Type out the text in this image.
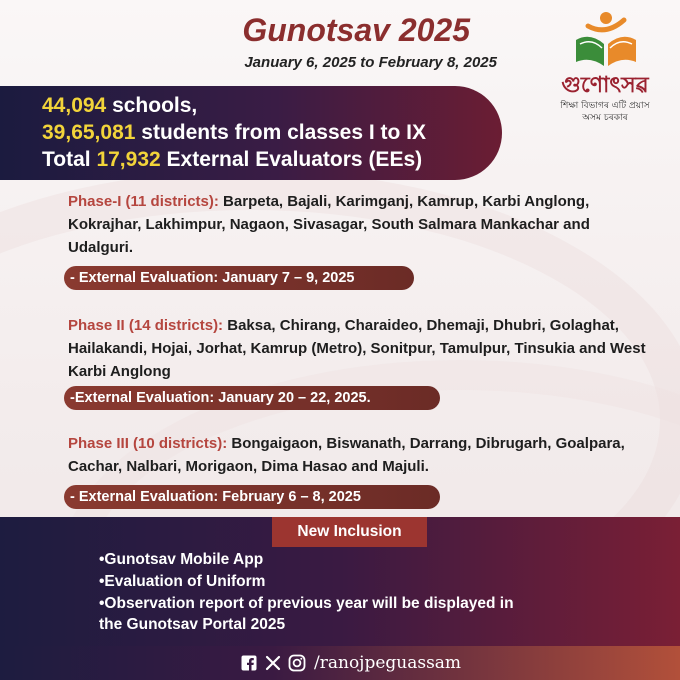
Gunotsav 2025
January 6, 2025 to February 8, 2025
গুণোৎসৱ
শিক্ষা বিভাগৰ এটি প্ৰয়াস
অসম চৰকাৰ
44,094 schools,
39,65,081 students from classes I to IX
Total 17,932 External Evaluators (EEs)
Phase-I (11 districts): Barpeta, Bajali, Karimganj, Kamrup, Karbi Anglong, Kokrajhar, Lakhimpur, Nagaon, Sivasagar, South Salmara Mankachar and Udalguri.
- External Evaluation: January 7 – 9, 2025
Phase II (14 districts): Baksa, Chirang, Charaideo, Dhemaji, Dhubri, Golaghat, Hailakandi, Hojai, Jorhat, Kamrup (Metro), Sonitpur, Tamulpur, Tinsukia and West Karbi Anglong
-External Evaluation: January 20 – 22, 2025.
Phase III (10 districts): Bongaigaon, Biswanath, Darrang, Dibrugarh, Goalpara, Cachar, Nalbari, Morigaon, Dima Hasao and Majuli.
- External Evaluation: February 6 – 8, 2025
New Inclusion
•Gunotsav Mobile App
•Evaluation of Uniform
•Observation report of previous year will be displayed in
the Gunotsav Portal 2025
/ranojpeguassam
